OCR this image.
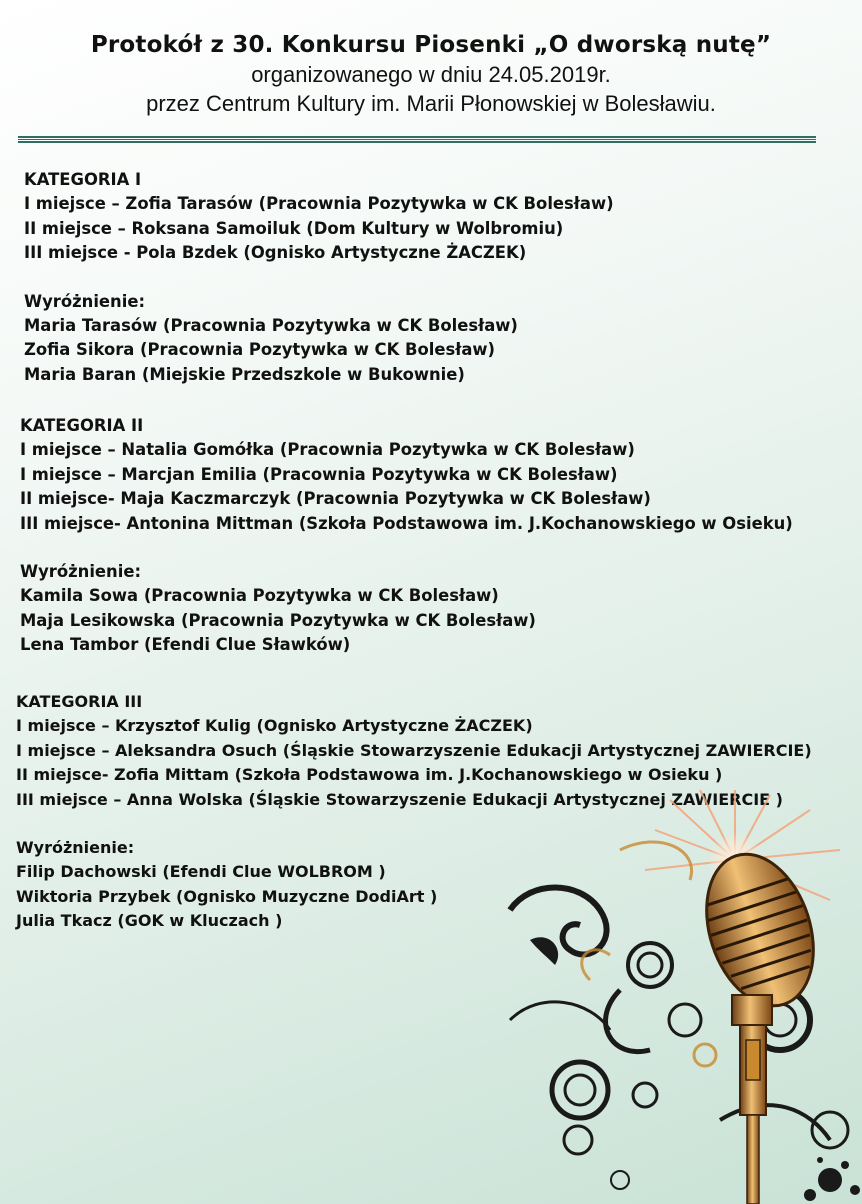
Protokół z 30. Konkursu Piosenki „O dworską nutę”

organizowanego w dniu 24.05.2019r.

przez Centrum Kultury im. Marii Płonowskiej w Bolesławiu.

KATEGORIA I
I miejsce – Zofia Tarasów (Pracownia Pozytywka w CK Bolesław)
II miejsce – Roksana Samoiluk (Dom Kultury w Wolbromiu)
III miejsce - Pola Bzdek (Ognisko Artystyczne ŻACZEK)
Wyróżnienie:
Maria Tarasów (Pracownia Pozytywka w CK Bolesław)
Zofia Sikora (Pracownia Pozytywka w CK Bolesław)
Maria Baran (Miejskie Przedszkole w Bukownie)
KATEGORIA II
I miejsce – Natalia Gomółka (Pracownia Pozytywka w CK Bolesław)
I miejsce – Marcjan Emilia (Pracownia Pozytywka w CK Bolesław)
II miejsce- Maja Kaczmarczyk (Pracownia Pozytywka w CK Bolesław)
III miejsce- Antonina Mittman (Szkoła Podstawowa im. J.Kochanowskiego w Osieku)
Wyróżnienie:
Kamila Sowa (Pracownia Pozytywka w CK Bolesław)
Maja Lesikowska (Pracownia Pozytywka w CK Bolesław)
Lena Tambor (Efendi Clue Sławków)
KATEGORIA III
I miejsce – Krzysztof Kulig (Ognisko Artystyczne ŻACZEK)
I miejsce – Aleksandra Osuch (Śląskie Stowarzyszenie Edukacji Artystycznej ZAWIERCIE)
II miejsce- Zofia Mittam (Szkoła Podstawowa im. J.Kochanowskiego w Osieku )
III miejsce – Anna Wolska (Śląskie Stowarzyszenie Edukacji Artystycznej ZAWIERCIE )
Wyróżnienie:
Filip Dachowski (Efendi Clue WOLBROM )
Wiktoria Przybek (Ognisko Muzyczne DodiArt )
Julia Tkacz (GOK w Kluczach )
